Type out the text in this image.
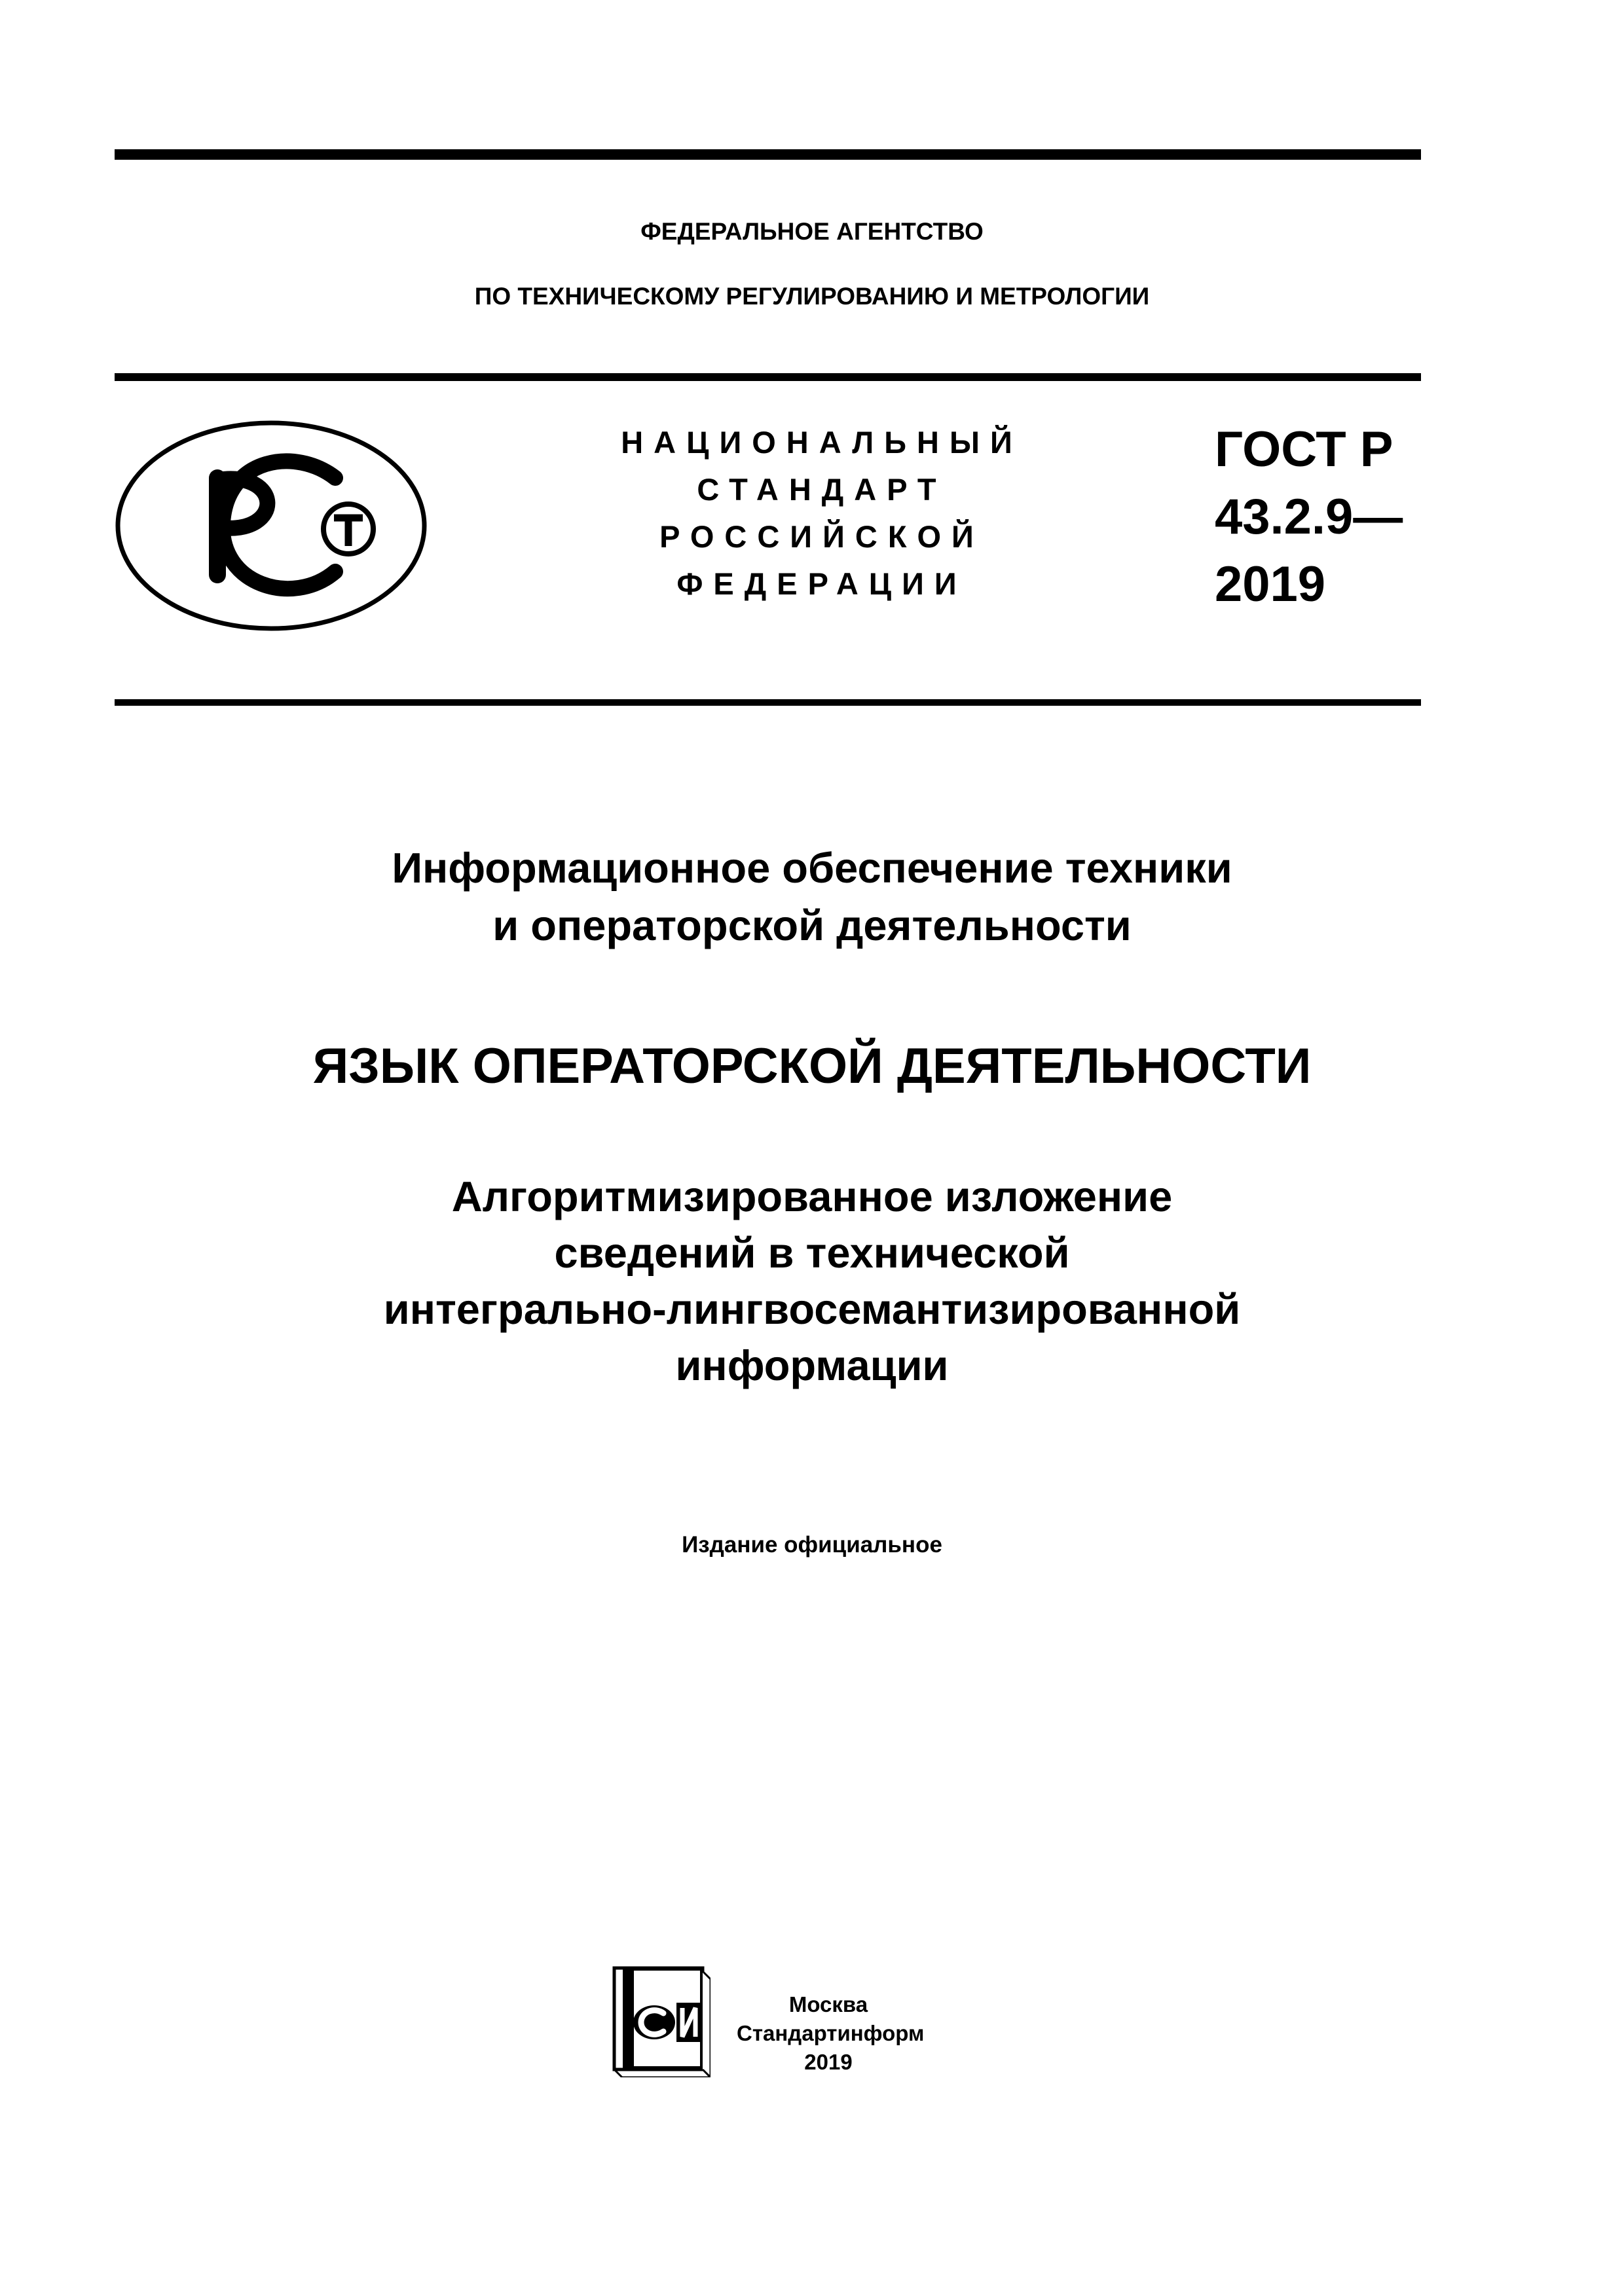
ФЕДЕРАЛЬНОЕ АГЕНТСТВО
ПО ТЕХНИЧЕСКОМУ РЕГУЛИРОВАНИЮ И МЕТРОЛОГИИ
НАЦИОНАЛЬНЫЙ
СТАНДАРТ
РОССИЙСКОЙ
ФЕДЕРАЦИИ
ГОСТ Р
43.2.9—
2019
Информационное обеспечение техники
и операторской деятельности
ЯЗЫК ОПЕРАТОРСКОЙ ДЕЯТЕЛЬНОСТИ
Алгоритмизированное изложение
сведений в технической
интегрально-лингвосемантизированной
информации
Издание официальное
Москва
Стандартинформ
2019
